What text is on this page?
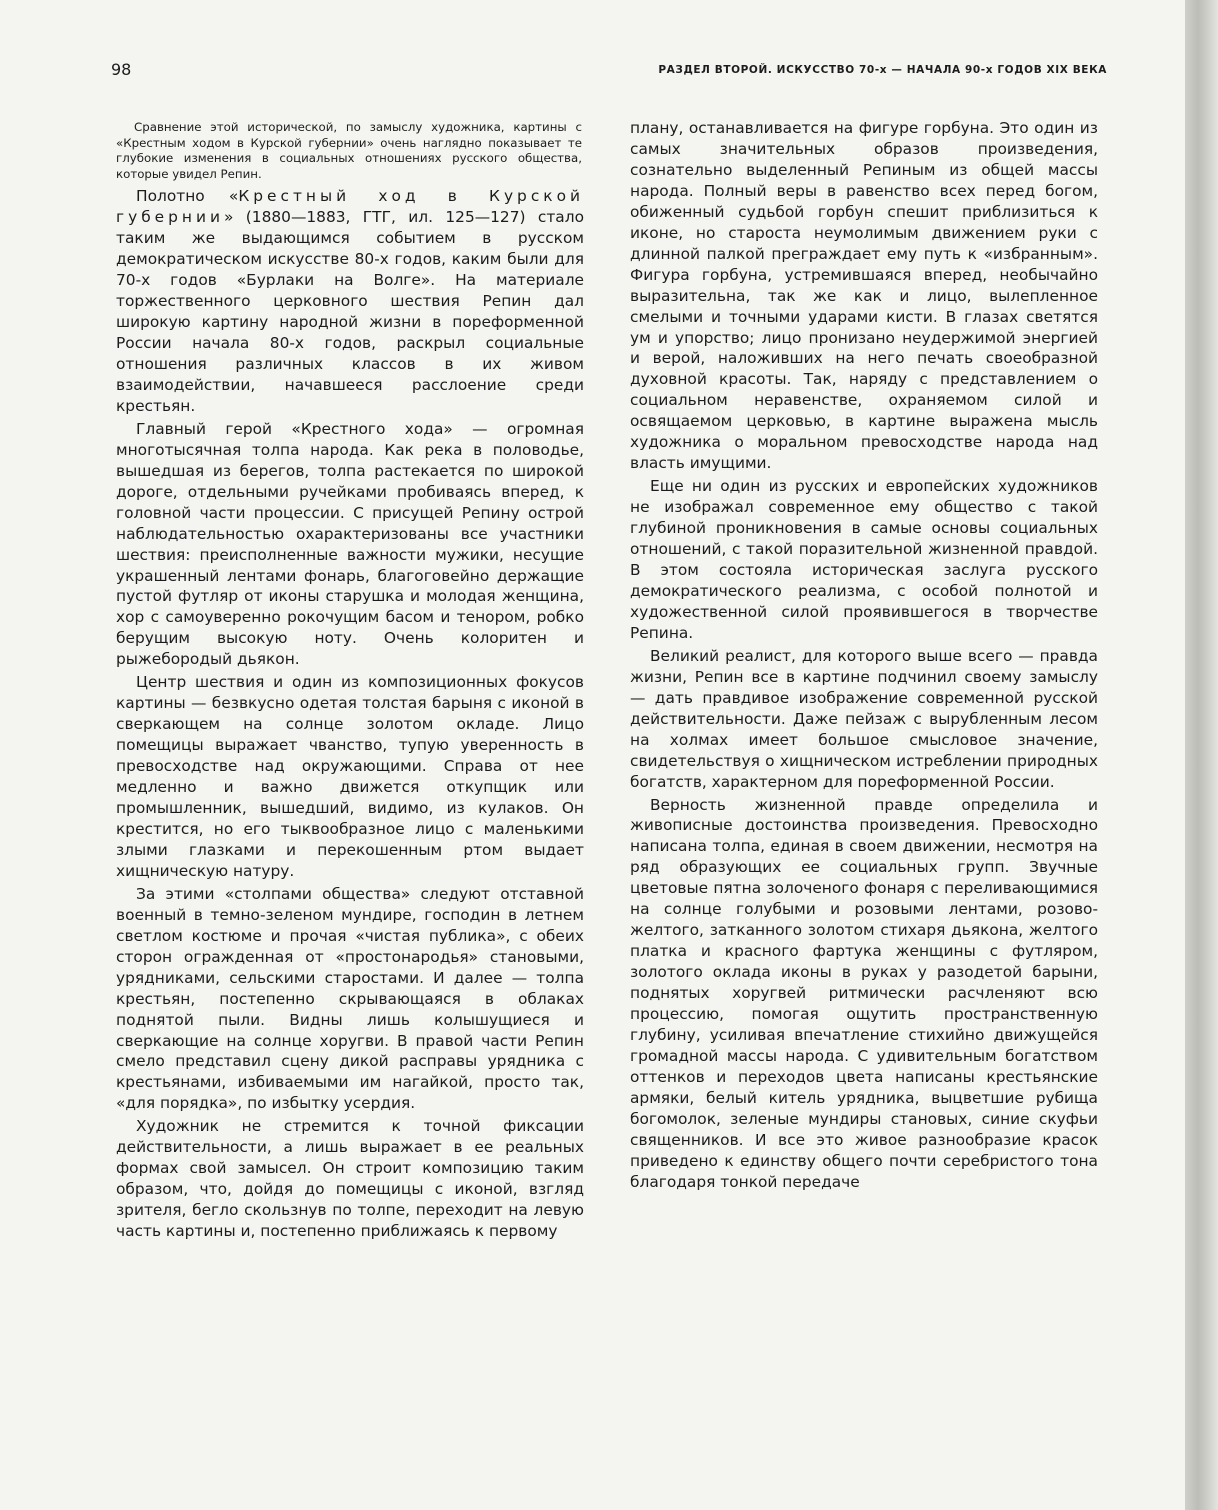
98	РАЗДЕЛ ВТОРОЙ. ИСКУССТВО 70-х — НАЧАЛА 90-х ГОДОВ XIX ВЕКА

Сравнение этой исторической, по замыслу художника, картины с «Крестным ходом в Курской губернии» очень наглядно показывает те глубокие изменения в социальных отношениях русского общества, которые увидел Репин.

Полотно «Крестный ход в Курской губернии» (1880—1883, ГТГ, ил. 125—127) стало таким же выдающимся событием в русском демократическом искусстве 80-х годов, каким были для 70-х годов «Бурлаки на Волге». На материале торжественного церковного шествия Репин дал широкую картину народной жизни в пореформенной России начала 80-х годов, раскрыл социальные отношения различных классов в их живом взаимодействии, начавшееся расслоение среди крестьян.

Главный герой «Крестного хода» — огромная многотысячная толпа народа. Как река в половодье, вышедшая из берегов, толпа растекается по широкой дороге, отдельными ручейками пробиваясь вперед, к головной части процессии. С присущей Репину острой наблюдательностью охарактеризованы все участники шествия: преисполненные важности мужики, несущие украшенный лентами фонарь, благоговейно держащие пустой футляр от иконы старушка и молодая женщина, хор с самоуверенно рокочущим басом и тенором, робко берущим высокую ноту. Очень колоритен и рыжебородый дьякон.

Центр шествия и один из композиционных фокусов картины — безвкусно одетая толстая барыня с иконой в сверкающем на солнце золотом окладе. Лицо помещицы выражает чванство, тупую уверенность в превосходстве над окружающими. Справа от нее медленно и важно движется откупщик или промышленник, вышедший, видимо, из кулаков. Он крестится, но его тыквообразное лицо с маленькими злыми глазками и перекошенным ртом выдает хищническую натуру.

За этими «столпами общества» следуют отставной военный в темно-зеленом мундире, господин в летнем светлом костюме и прочая «чистая публика», с обеих сторон огражденная от «простонародья» становыми, урядниками, сельскими старостами. И далее — толпа крестьян, постепенно скрывающаяся в облаках поднятой пыли. Видны лишь колышущиеся и сверкающие на солнце хоругви. В правой части Репин смело представил сцену дикой расправы урядника с крестьянами, избиваемыми им нагайкой, просто так, «для порядка», по избытку усердия.

Художник не стремится к точной фиксации действительности, а лишь выражает в ее реальных формах свой замысел. Он строит композицию таким образом, что, дойдя до помещицы с иконой, взгляд зрителя, бегло скользнув по толпе, переходит на левую часть картины и, постепенно приближаясь к первому

плану, останавливается на фигуре горбуна. Это один из самых значительных образов произведения, сознательно выделенный Репиным из общей массы народа. Полный веры в равенство всех перед богом, обиженный судьбой горбун спешит приблизиться к иконе, но староста неумолимым движением руки с длинной палкой преграждает ему путь к «избранным». Фигура горбуна, устремившаяся вперед, необычайно выразительна, так же как и лицо, вылепленное смелыми и точными ударами кисти. В глазах светятся ум и упорство; лицо пронизано неудержимой энергией и верой, наложивших на него печать своеобразной духовной красоты. Так, наряду с представлением о социальном неравенстве, охраняемом силой и освящаемом церковью, в картине выражена мысль художника о моральном превосходстве народа над власть имущими.

Еще ни один из русских и европейских художников не изображал современное ему общество с такой глубиной проникновения в самые основы социальных отношений, с такой поразительной жизненной правдой. В этом состояла историческая заслуга русского демократического реализма, с особой полнотой и художественной силой проявившегося в творчестве Репина.

Великий реалист, для которого выше всего — правда жизни, Репин все в картине подчинил своему замыслу — дать правдивое изображение современной русской действительности. Даже пейзаж с вырубленным лесом на холмах имеет большое смысловое значение, свидетельствуя о хищническом истреблении природных богатств, характерном для пореформенной России.

Верность жизненной правде определила и живописные достоинства произведения. Превосходно написана толпа, единая в своем движении, несмотря на ряд образующих ее социальных групп. Звучные цветовые пятна золоченого фонаря с переливающимися на солнце голубыми и розовыми лентами, розово-желтого, затканного золотом стихаря дьякона, желтого платка и красного фартука женщины с футляром, золотого оклада иконы в руках у разодетой барыни, поднятых хоругвей ритмически расчленяют всю процессию, помогая ощутить пространственную глубину, усиливая впечатление стихийно движущейся громадной массы народа. С удивительным богатством оттенков и переходов цвета написаны крестьянские армяки, белый китель урядника, выцветшие рубища богомолок, зеленые мундиры становых, синие скуфьи священников. И все это живое разнообразие красок приведено к единству общего почти серебристого тона благодаря тонкой передаче
